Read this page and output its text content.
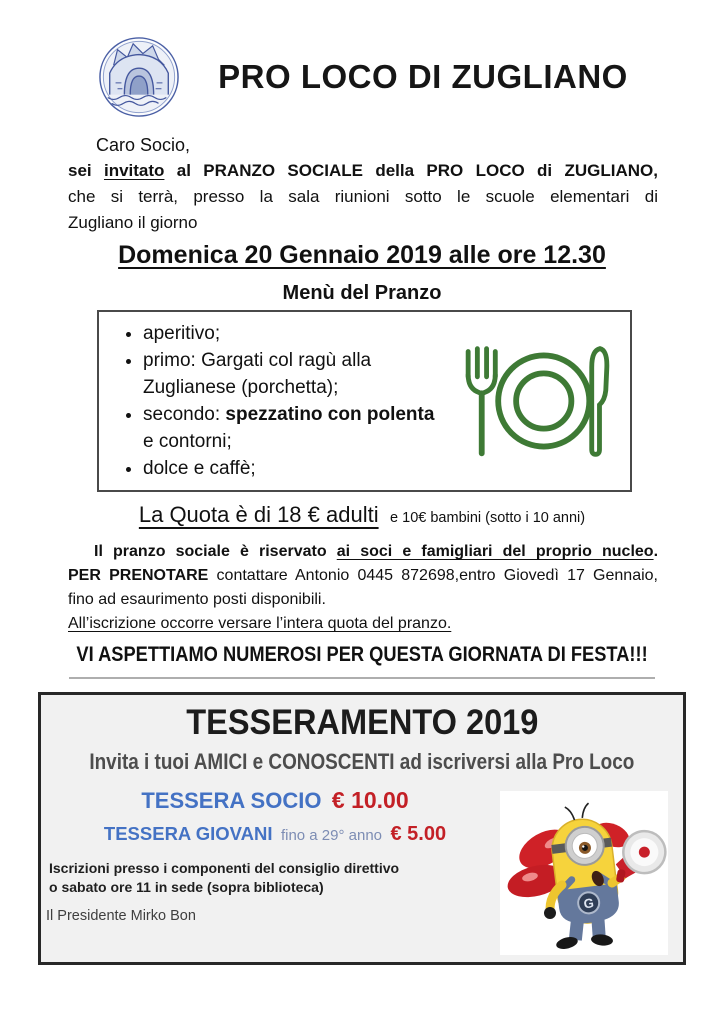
PRO LOCO DI ZUGLIANO

Caro Socio,

sei invitato al PRANZO SOCIALE della PRO LOCO di ZUGLIANO,

che si terrà, presso la sala riunioni sotto le scuole elementari di

Zugliano il giorno

Domenica 20 Gennaio 2019 alle ore 12.30
Menù del Pranzo
• aperitivo;
• primo: Gargati col ragù alla Zuglianese (porchetta);
• secondo: spezzatino con polenta e contorni;
• dolce e caffè;
La Quota è di 18 € adulti e 10€ bambini (sotto i 10 anni)

Il pranzo sociale è riservato ai soci e famigliari del proprio nucleo.

PER PRENOTARE contattare Antonio 0445 872698,entro Giovedì 17 Gennaio,

fino ad esaurimento posti disponibili.

All’iscrizione occorre versare l’intera quota del pranzo.

VI ASPETTIAMO NUMEROSI PER QUESTA GIORNATA DI FESTA!!!
TESSERAMENTO 2019
Invita i tuoi AMICI e CONOSCENTI ad iscriversi alla Pro Loco
TESSERA SOCIO € 10.00
TESSERA GIOVANI fino a 29° anno € 5.00
Iscrizioni presso i componenti del consiglio direttivo
o sabato ore 11 in sede (sopra biblioteca)
Il Presidente Mirko Bon
G
